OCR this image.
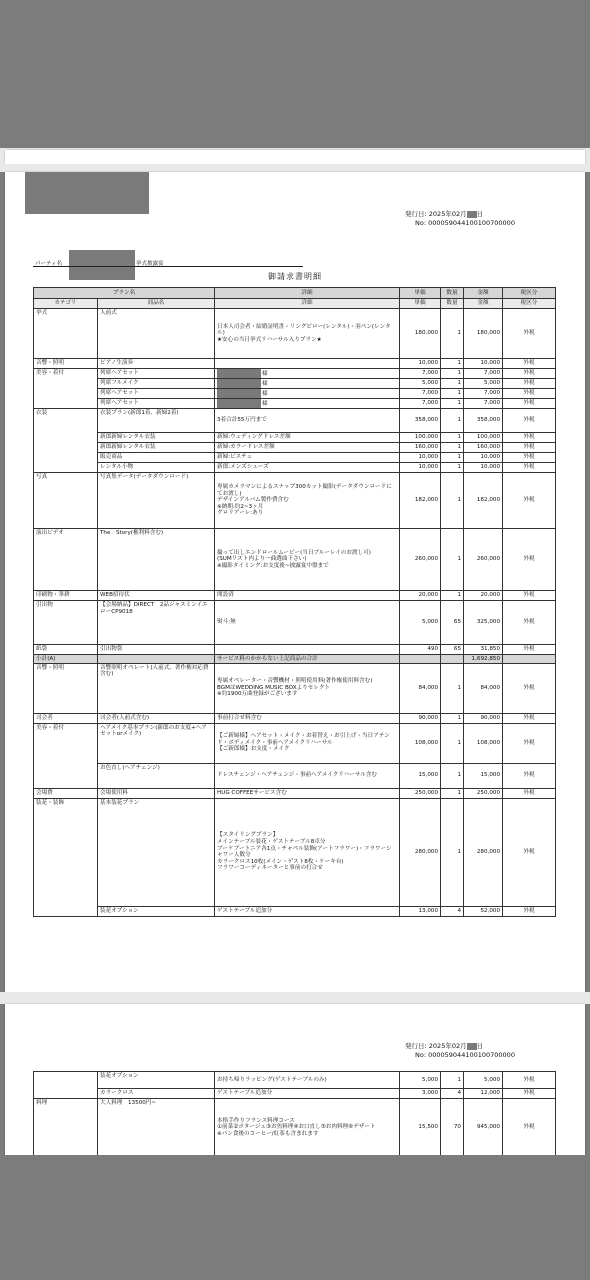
発行日: 2025年02月 日
No: 000059044100100700000
パーティ名	挙式披露宴
御請求書明細
プラン名		詳細	単価	数量	金額	税区分
カテゴリ	商品名	詳細	単価	数量	金額	税区分
挙式	人前式	日本人司会者・結婚証明書・リングピロー(レンタル)・羽ペン(レンタル)
★安心の当日挙式リハーサル入りプラン★	180,000	1	180,000	外税
音響・照明	ピアノ生演奏		10,000	1	10,000	外税
美容・着付	列席ヘアセット	様	7,000	1	7,000	外税
	列席フルメイク	様	5,000	1	5,000	外税
	列席ヘアセット	様	7,000	1	7,000	外税
	列席ヘアセット	様	7,000	1	7,000	外税
衣装	衣装プラン(新郎1着、新婦2着)	3着合計55万円まで	358,000	1	358,000	外税
	新郎新婦レンタル衣装	新婦:ウェディングドレス差額	100,000	1	100,000	外税
	新郎新婦レンタル衣装	新婦:カラードレス差額	160,000	1	160,000	外税
	販売商品	新婦:ビスチェ	10,000	1	10,000	外税
	レンタル小物	新郎:メンズシューズ	10,000	1	10,000	外税
写真	写真集データ(データダウンロード)	専属カメラマンによるスナップ300カット撮影(データダウンロードにてお渡し)
デザインアルバム製作費含む
※納期:約2~3ヶ月
グロリアーレ:あり	182,000	1	182,000	外税
演出ビデオ	The　Story(権利料含む)	撮って出しエンドロールムービー(当日ブルーレイのお渡し可)
(SUMリスト内より一曲選曲下さい)
※撮影タイミング:お支度後~披露宴中盤まで	260,000	1	260,000	外税
印刷物・筆耕	WEB招待状	開設済	20,000	1	20,000	外税
引出物	【会場納品】DIRECT　2品ジャスミンイエローCP9018	熨斗:無	5,000	65	325,000	外税
紙袋	引出物袋		490	65	31,850	外税
小計(A)		サービス料のかからない上記商品の合計			1,692,850	
音響・照明	音響照明オペレート(人前式、著作権対応費含む)	専属オペレーター・音響機材・照明使用料(著作権使用料含む)
BGMはWEDDING MUSIC BOXよりセレクト
※約1900万曲登録がございます	84,000	1	84,000	外税
司会者	司会者(人前式含む)	事前打合せ料含む	90,000	1	90,000	外税
美容・着付	ヘアメイク基本プラン(新郎のお支度+ヘアセットorメイク)	【ご新婦様】ヘアセット・メイク・お着替え・お引上げ・当日アテンド・ボディメイク・事前ヘアメイクリハーサル
【ご新郎様】お支度・メイク	108,000	1	108,000	外税
	お色直し(ヘアチェンジ)	ドレスチェンジ・ヘアチェンジ・事前ヘアメイクリハーサル含む	15,000	1	15,000	外税
会場費	会場使用料	HUG COFFEEサービス含む	250,000	1	250,000	外税
装花・装飾	基本装花プラン	【スタイリングプラン】
メインテーブル装花・ゲストテーブル8卓分
ブーケブートニア各1点・チャペル装飾(アートフラワー)・フラワーシャワー人数分
カラークロス10枚(メイン・ゲスト8枚・ケーキ台)
フラワーコーディネーターと事前の打合せ	280,000	1	280,000	外税
	装花オプション	ゲストテーブル追加分	13,000	4	52,000	外税
発行日: 2025年02月 日
No: 000059044100100700000
	装花オプション	お持ち帰りラッピング(ゲストテーブルのみ)	5,000	1	5,000	外税
	カラークロス	ゲストテーブル追加分	3,000	4	12,000	外税
料理	大人料理　13500円~	本格手作りフランス料理コース
①前菜②ポタージュ③お魚料理④お口直し⑤お肉料理⑥デザート
※パン食後のコーヒー/紅茶も含まれます	15,500	70	945,000	外税
